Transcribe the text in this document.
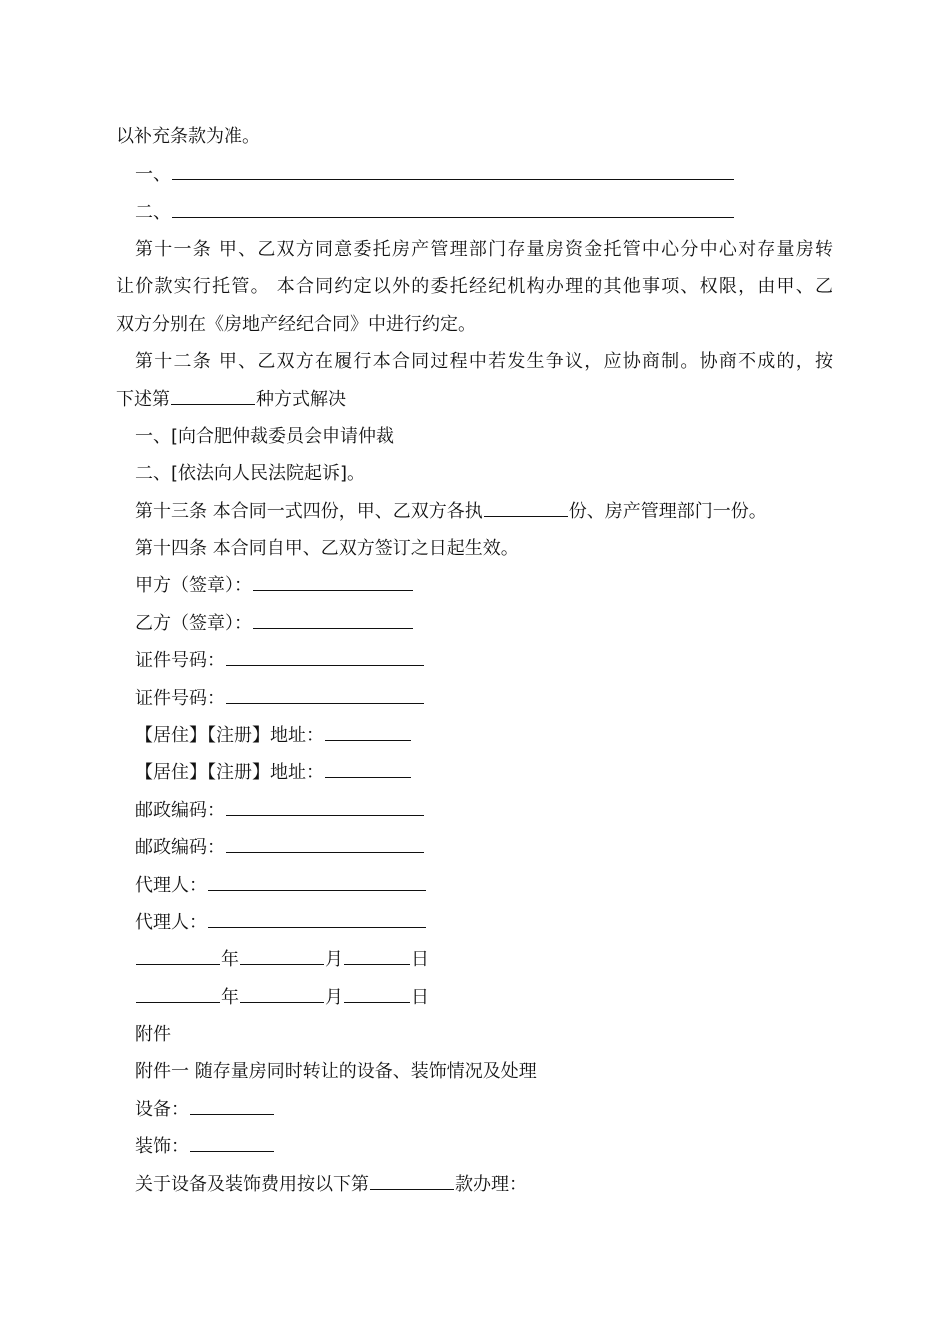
以补充条款为准。
一、
二、
第十一条 甲、乙双方同意委托房产管理部门存量房资金托管中心分中心对存量房转
让价款实行托管。 本合同约定以外的委托经纪机构办理的其他事项、权限，由甲、乙
双方分别在《房地产经纪合同》中进行约定。
第十二条 甲、乙双方在履行本合同过程中若发生争议，应协商制。协商不成的，按
下述第	种方式解决
一、[向合肥仲裁委员会申请仲裁
二、[依法向人民法院起诉]。
第十三条 本合同一式四份，甲、乙双方各执	份、房产管理部门一份。
第十四条 本合同自甲、乙双方签订之日起生效。
甲方（签章）：
乙方（签章）：
证件号码：
证件号码：
【居住】【注册】地址：
【居住】【注册】地址：
邮政编码：
邮政编码：
代理人：
代理人：
年	月	日
年	月	日
附件
附件一 随存量房同时转让的设备、装饰情况及处理
设备：
装饰：
关于设备及装饰费用按以下第	款办理：
